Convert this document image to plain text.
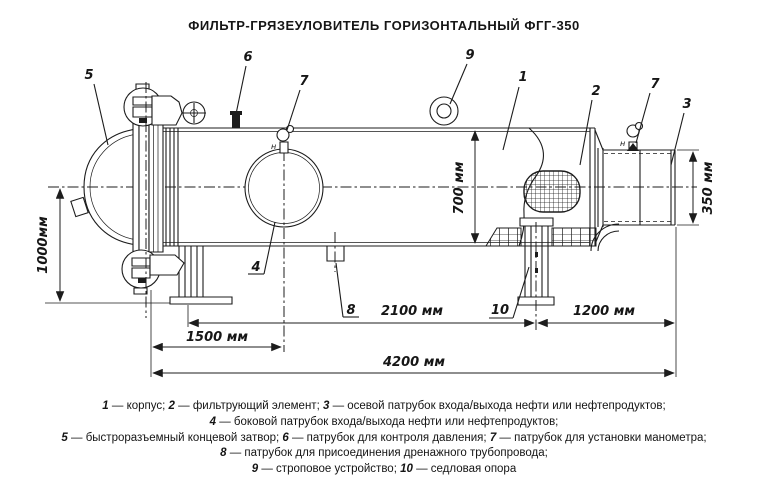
ФИЛЬТР-ГРЯЗЕУЛОВИТЕЛЬ ГОРИЗОНТАЛЬНЫЙ ФГГ-350
н	н
1000мм
700 мм	350 мм
2100 мм	1200 мм
1500 мм
4200 мм
5
6
7
9
1
2	7
3
4
8	10
1 — корпус; 2 — фильтрующий элемент; 3 — осевой патрубок входа/выхода нефти или нефтепродуктов;
4 — боковой патрубок входа/выхода нефти или нефтепродуктов;
5 — быстроразъемный концевой затвор; 6 — патрубок для контроля давления; 7 — патрубок для установки манометра;
8 — патрубок для присоединения дренажного трубопровода;
9 — строповое устройство; 10 — седловая опора
